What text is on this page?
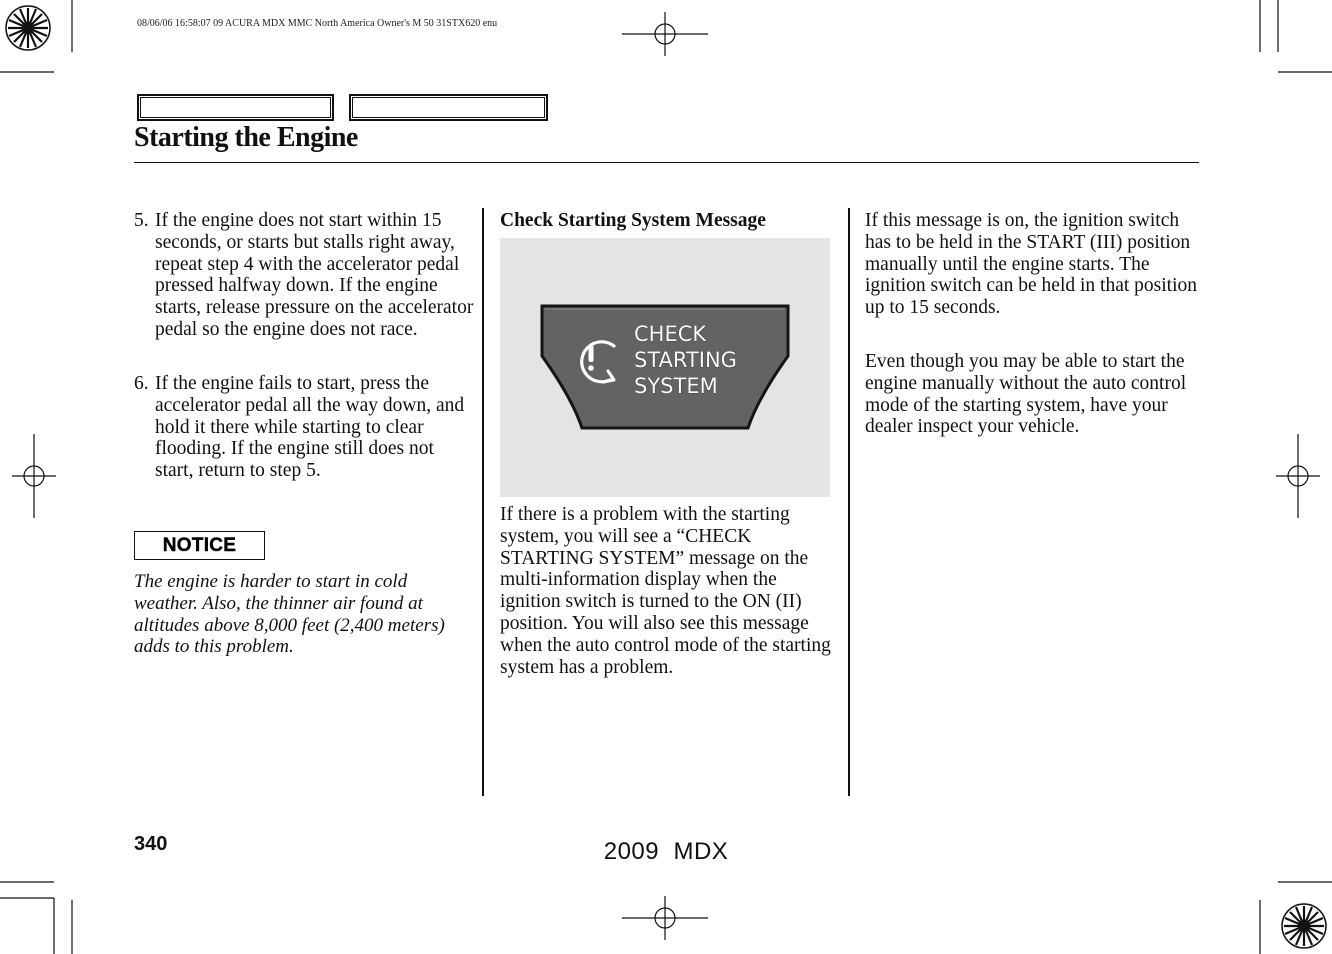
08/06/06 16:58:07 09 ACURA MDX MMC North America Owner's M 50 31STX620 enu
Starting the Engine
5. If the engine does not start within 15 seconds, or starts but stalls right away, repeat step 4 with the accelerator pedal pressed halfway down. If the engine starts, release pressure on the accelerator pedal so the engine does not race.
6. If the engine fails to start, press the accelerator pedal all the way down, and hold it there while starting to clear flooding. If the engine still does not start, return to step 5.
NOTICE
The engine is harder to start in cold weather. Also, the thinner air found at altitudes above 8,000 feet (2,400 meters) adds to this problem.
Check Starting System Message
CHECK
STARTING
SYSTEM
If there is a problem with the starting system, you will see a “CHECK STARTING SYSTEM” message on the multi-information display when the ignition switch is turned to the ON (II) position. You will also see this message when the auto control mode of the starting system has a problem.
If this message is on, the ignition switch has to be held in the START (III) position manually until the engine starts. The ignition switch can be held in that position up to 15 seconds.
Even though you may be able to start the engine manually without the auto control mode of the starting system, have your dealer inspect your vehicle.
340	2009  MDX
